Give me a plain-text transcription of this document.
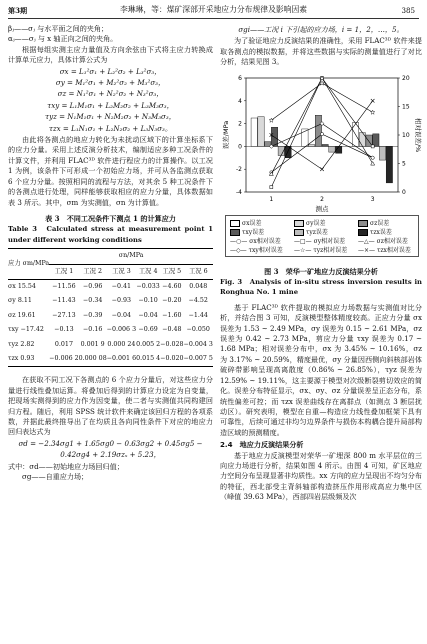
第3期	李琳琳，等：煤矿深部开采地应力分布规律及影响因素	385

βⱼ——σⱼ 与水平面之间的夹角；

αⱼ——σⱼ 与 x 轴正向之间的夹角。

根据每组实测主应力量值及方向余弦由下式将主应力转换成计算单元应力，具体计算公式为

σx = L₁²σ₁ + L₂²σ₂ + L₃²σ₃，

σy = M₁²σ₁ + M₂²σ₂ + M₃²σ₃，

σz = N₁²σ₁ + N₂²σ₂ + N₃²σ₃，

τxy = L₁M₁σ₁ + L₂M₂σ₂ + L₃M₃σ₃，

τyz = N₁M₁σ₁ + N₂M₂σ₂ + N₃M₃σ₃，

τzx = L₁N₁σ₁ + L₂N₂σ₂ + L₃N₃σ₃。

由此将各测点的地应力转化为未扰动区域下的计算坐标系下的应力分量。采用上述反演分析技术，编制适应多种工况条件的计算文件，并利用 FLAC³ᴰ 软件进行程应力的计算操作。以工况 1 为例，该条件下可形成一个初始应力场，并可从各监测点获取 6 个应力分量。按照相同的流程与方法，对其余 5 种工况条件下的各测点进行处理，同样能够获取相应的应力分量，具体数据如表 3 所示。其中，σm 为实测值，σn 为计算值。

表 3　不同工况条件下测点 1 的计算应力

Table 3　Calculated stress at measurement point 1 under different working conditions

应力 σm/MPa	σn/MPa					
	工况 1	工况 2	工况 3	工况 4	工况 5	工况 6
σx 15.54	−11.56	−0.96	−0.41	−0.033	−4.60	0.048
σy 8.11	−11.43	−0.34	−0.93	−0.10	−0.20	−4.52
σz 19.61	−27.13	−0.39	−0.04	−0.04	−1.60	−1.44
τxy −17.42	−0.13	−0.16	−0.006 3	−0.69	−0.48	−0.050
τyz 2.82	0.017	0.001 9	0.000 24	0.005 2	−0.028	−0.004 3
τzx 0.93	−0.006 2	0.000 08	−0.001 6	0.015 4	−0.020	−0.007 5

在获取不同工况下各测点的 6 个应力分量后，对这些应力分量进行线性叠加运算。将叠加后得到的计算应力设定为自变量，把现场实测得到的应力作为因变量，使二者与实测值共同构建回归方程。随后，利用 SPSS 统计软件来确定该回归方程的各项系数，并据此最终推导出了在均质且各向同性条件下对应的地应力回归表达式为

σd = −2.34σg1 + 1.65σg0 − 0.63σg2 + 0.45σg5 −

0.42σg4 + 2.19σzₓ + 5.23，

式中：σd——初始地应力场回归值；

σg——自重应力场；

σgi——工况 i 下引起的应力场，i = 1，2，…，5。

为了验证地应力反演结果的准确性，采用 FLAC³ᴰ 软件来提取各测点的模拟数据，并将这些数据与实际的测量值进行了对比分析，结果见图 3。

-4
-2
0
2
4
6
0
5
10
15
20
1	2	3
测点
误差/MPa	相对误差/%
σx误差	σy误差	σz误差
τxy误差	τyz误差	τzx误差
—○— σx相对误差 —□— σy相对误差 —△— σz相对误差
—◇— τxy相对误差 —☆— τyz相对误差 —×— τzx相对误差

图 3　荣华一矿地应力反演结果分析

Fig. 3　Analysis of in-situ stress inversion results in Ronghua No. 1 mine

基于 FLAC³ᴰ 软件提取的模拟应力场数据与实测值对比分析，并结合图 3 可知，反演模型整体精度较高。正应力分量 σx 误差为 1.53 ~ 2.49 MPa，σy 误差为 0.15 ~ 2.61 MPa，σz 误差为 0.42 ~ 2.73 MPa，剪应力分量 τxy 误差为 0.17 ~ 1.68 MPa；相对误差分布中，σx 为 3.45% ~ 10.16%，σz 为 3.17% ~ 20.59%，精度最优，σy 分量因西侧向斜核部岩体破碎带影响呈现高离散度（0.86% ~ 26.85%），τyz 误差为 12.59% ~ 19.11%，这主要源于模型对次级断裂剪切效应的简化。误差分布特征显示，σx、σy、σz 分量误差呈正态分布，系统性偏差可控；而 τzx 误差曲线存在离群点（如测点 3 断层扰动区）。研究表明，模型在自重—构造应力线性叠加框架下具有可靠性，后续可通过非均匀边界条件与损伤本构耦合提升局部构造区域的预测精度。

2.4　地应力反演结果分析

基于地应力反演模型对荣华一矿埋深 800 m 水平层位的三向应力场进行分析，结果如图 4 所示。由图 4 可知，矿区地应力空间分布呈现显著非均质性。xx 方向的应力呈现出不均匀分布的特征，西北部受主背斜轴部构造挤压作用形成高应力集中区（峰值 39.63 MPa），西部四岩层级频及次
